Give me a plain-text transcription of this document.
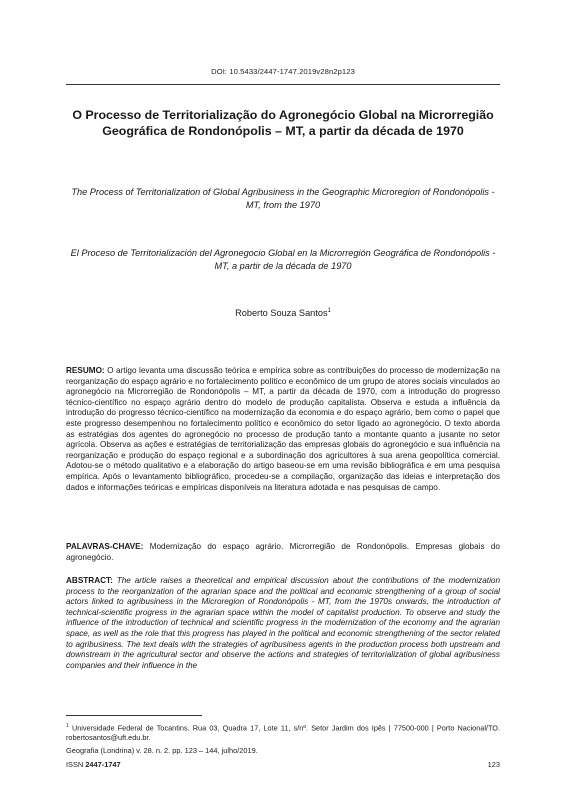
DOI: 10.5433/2447-1747.2019v28n2p123
O Processo de Territorialização do Agronegócio Global na Microrregião Geográfica de Rondonópolis – MT, a partir da década de 1970
The Process of Territorialization of Global Agribusiness in the Geographic Microregion of Rondonópolis - MT, from the 1970
El Proceso de Territorialización del Agronegocio Global en la Microrregión Geográfica de Rondonópolis - MT, a partir de la década de 1970
Roberto Souza Santos$^1$
RESUMO: O artigo levanta uma discussão teórica e empírica sobre as contribuições do processo de modernização na reorganização do espaço agrário e no fortalecimento político e econômico de um grupo de atores sociais vinculados ao agronegócio na Microrregião de Rondonópolis – MT, a partir da década de 1970, com a introdução do progresso técnico-científico no espaço agrário dentro do modelo de produção capitalista. Observa e estuda a influência da introdução do progresso técnico-científico na modernização da economia e do espaço agrário, bem como o papel que este progresso desempenhou no fortalecimento político e econômico do setor ligado ao agronegócio. O texto aborda as estratégias dos agentes do agronegócio no processo de produção tanto a montante quanto a jusante no setor agrícola. Observa as ações e estratégias de territorialização das empresas globais do agronegócio e sua influência na reorganização e produção do espaço regional e a subordinação dos agricultores à sua arena geopolítica comercial. Adotou-se o método qualitativo e a elaboração do artigo baseou-se em uma revisão bibliográfica e em uma pesquisa empírica. Após o levantamento bibliográfico, procedeu-se a compilação, organização das ideias e interpretação dos dados e informações teóricas e empíricas disponíveis na literatura adotada e nas pesquisas de campo.
PALAVRAS-CHAVE: Modernização do espaço agrário. Microrregião de Rondonópolis. Empresas globais do agronegócio.
ABSTRACT: The article raises a theoretical and empirical discussion about the contributions of the modernization process to the reorganization of the agrarian space and the political and economic strengthening of a group of social actors linked to agribusiness in the Microregion of Rondonópolis - MT, from the 1970s onwards, the introduction of technical-scientific progress in the agrarian space within the model of capitalist production. To observe and study the influence of the introduction of technical and scientific progress in the modernization of the economy and the agrarian space, as well as the role that this progress has played in the political and economic strengthening of the sector related to agribusiness. The text deals with the strategies of agribusiness agents in the production process both upstream and downstream in the agricultural sector and observe the actions and strategies of territorialization of global agribusiness companies and their influence in the
$^1$ Universidade Federal de Tocantins. Rua 03, Quadra 17, Lote 11, s/nº. Setor Jardim dos Ipês | 77500-000 | Porto Nacional/TO. robertosantos@uft.edu.br.
Geografia (Londrina) v. 28. n. 2. pp. 123 – 144, julho/2019.
ISSN 2447-1747	123
